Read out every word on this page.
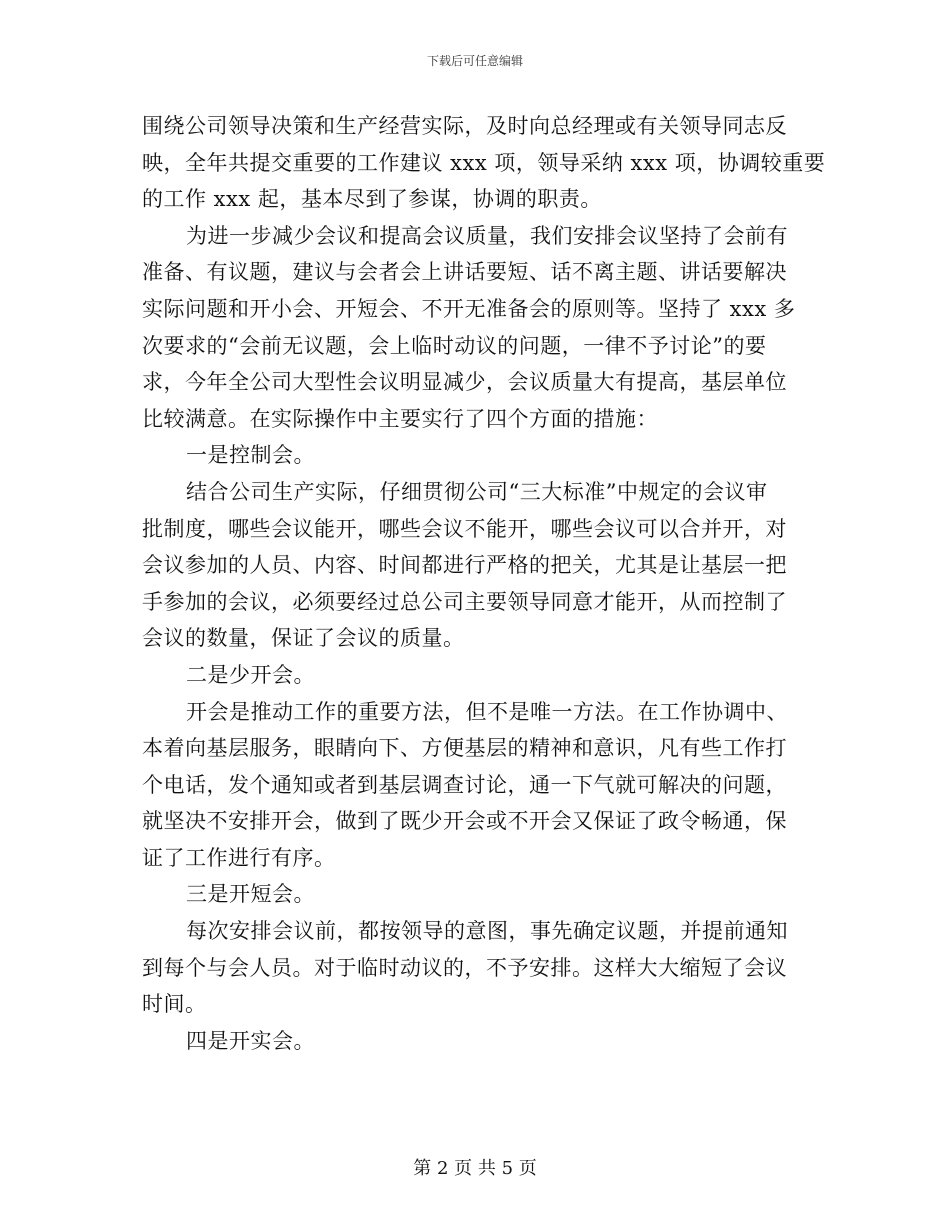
下载后可任意编辑
围绕公司领导决策和生产经营实际，及时向总经理或有关领导同志反
映，全年共提交重要的工作建议 xxx 项，领导采纳 xxx 项，协调较重要
的工作 xxx 起，基本尽到了参谋，协调的职责。
为进一步减少会议和提高会议质量，我们安排会议坚持了会前有
准备、有议题，建议与会者会上讲话要短、话不离主题、讲话要解决
实际问题和开小会、开短会、不开无准备会的原则等。坚持了 xxx 多
次要求的“会前无议题，会上临时动议的问题，一律不予讨论”的要
求，今年全公司大型性会议明显减少，会议质量大有提高，基层单位
比较满意。在实际操作中主要实行了四个方面的措施：
一是控制会。
结合公司生产实际，仔细贯彻公司“三大标准”中规定的会议审
批制度，哪些会议能开，哪些会议不能开，哪些会议可以合并开，对
会议参加的人员、内容、时间都进行严格的把关，尤其是让基层一把
手参加的会议，必须要经过总公司主要领导同意才能开，从而控制了
会议的数量，保证了会议的质量。
二是少开会。
开会是推动工作的重要方法，但不是唯一方法。在工作协调中、
本着向基层服务，眼睛向下、方便基层的精神和意识，凡有些工作打
个电话，发个通知或者到基层调查讨论，通一下气就可解决的问题，
就坚决不安排开会，做到了既少开会或不开会又保证了政令畅通，保
证了工作进行有序。
三是开短会。
每次安排会议前，都按领导的意图，事先确定议题，并提前通知
到每个与会人员。对于临时动议的，不予安排。这样大大缩短了会议
时间。
四是开实会。
第 2 页 共 5 页
